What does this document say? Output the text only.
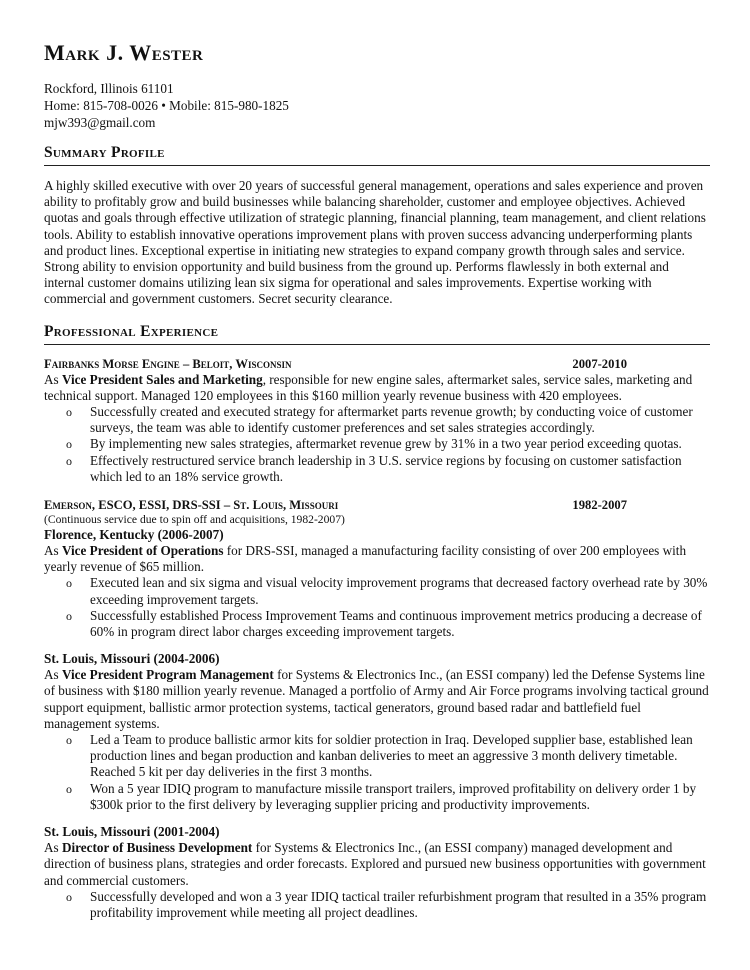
Mark J. Wester
Rockford, Illinois 61101
Home: 815-708-0026 • Mobile: 815-980-1825
mjw393@gmail.com
Summary Profile

A highly skilled executive with over 20 years of successful general management, operations and sales experience and proven ability to profitably grow and build businesses while balancing shareholder, customer and employee objectives. Achieved quotas and goals through effective utilization of strategic planning, financial planning, team management, and client relations tools. Ability to establish innovative operations improvement plans with proven success advancing underperforming plants and product lines. Exceptional expertise in initiating new strategies to expand company growth through sales and service. Strong ability to envision opportunity and build business from the ground up. Performs flawlessly in both external and internal customer domains utilizing lean six sigma for operational and sales improvements. Expertise working with commercial and government customers. Secret security clearance.

Professional Experience
Fairbanks Morse Engine – Beloit, Wisconsin	2007-2010
As Vice President Sales and Marketing, responsible for new engine sales, aftermarket sales, service sales, marketing and technical support. Managed 120 employees in this $160 million yearly revenue business with 420 employees.
o Successfully created and executed strategy for aftermarket parts revenue growth; by conducting voice of customer surveys, the team was able to identify customer preferences and set sales strategies accordingly.
o By implementing new sales strategies, aftermarket revenue grew by 31% in a two year period exceeding quotas.
o Effectively restructured service branch leadership in 3 U.S. service regions by focusing on customer satisfaction which led to an 18% service growth.
Emerson, ESCO, ESSI, DRS-SSI – St. Louis, Missouri	1982-2007
(Continuous service due to spin off and acquisitions, 1982-2007)
Florence, Kentucky (2006-2007)
As Vice President of Operations for DRS-SSI, managed a manufacturing facility consisting of over 200 employees with yearly revenue of $65 million.
o Executed lean and six sigma and visual velocity improvement programs that decreased factory overhead rate by 30% exceeding improvement targets.
o Successfully established Process Improvement Teams and continuous improvement metrics producing a decrease of 60% in program direct labor charges exceeding improvement targets.
St. Louis, Missouri (2004-2006)
As Vice President Program Management for Systems & Electronics Inc., (an ESSI company) led the Defense Systems line of business with $180 million yearly revenue. Managed a portfolio of Army and Air Force programs involving tactical ground support equipment, ballistic armor protection systems, tactical generators, ground based radar and battlefield fuel management systems.
o Led a Team to produce ballistic armor kits for soldier protection in Iraq. Developed supplier base, established lean production lines and began production and kanban deliveries to meet an aggressive 3 month delivery timetable. Reached 5 kit per day deliveries in the first 3 months.
o Won a 5 year IDIQ program to manufacture missile transport trailers, improved profitability on delivery order 1 by $300k prior to the first delivery by leveraging supplier pricing and productivity improvements.
St. Louis, Missouri (2001-2004)
As Director of Business Development for Systems & Electronics Inc., (an ESSI company) managed development and direction of business plans, strategies and order forecasts. Explored and pursued new business opportunities with government and commercial customers.
o Successfully developed and won a 3 year IDIQ tactical trailer refurbishment program that resulted in a 35% program profitability improvement while meeting all project deadlines.
